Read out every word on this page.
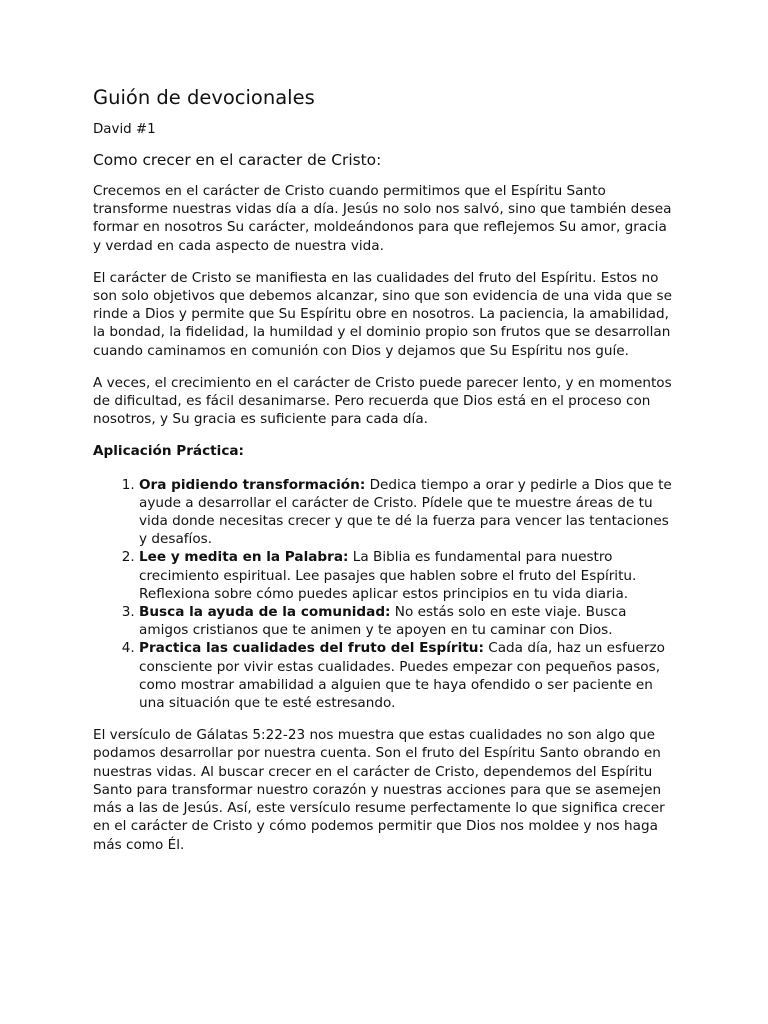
Guión de devocionales
David #1
Como crecer en el caracter de Cristo:

Crecemos en el carácter de Cristo cuando permitimos que el Espíritu Santo transforme nuestras vidas día a día. Jesús no solo nos salvó, sino que también desea formar en nosotros Su carácter, moldeándonos para que reflejemos Su amor, gracia y verdad en cada aspecto de nuestra vida.

El carácter de Cristo se manifiesta en las cualidades del fruto del Espíritu. Estos no son solo objetivos que debemos alcanzar, sino que son evidencia de una vida que se rinde a Dios y permite que Su Espíritu obre en nosotros. La paciencia, la amabilidad, la bondad, la fidelidad, la humildad y el dominio propio son frutos que se desarrollan cuando caminamos en comunión con Dios y dejamos que Su Espíritu nos guíe.

A veces, el crecimiento en el carácter de Cristo puede parecer lento, y en momentos de dificultad, es fácil desanimarse. Pero recuerda que Dios está en el proceso con nosotros, y Su gracia es suficiente para cada día.

Aplicación Práctica:

1. Ora pidiendo transformación: Dedica tiempo a orar y pedirle a Dios que te ayude a desarrollar el carácter de Cristo. Pídele que te muestre áreas de tu vida donde necesitas crecer y que te dé la fuerza para vencer las tentaciones y desafíos.
2. Lee y medita en la Palabra: La Biblia es fundamental para nuestro crecimiento espiritual. Lee pasajes que hablen sobre el fruto del Espíritu. Reflexiona sobre cómo puedes aplicar estos principios en tu vida diaria.
3. Busca la ayuda de la comunidad: No estás solo en este viaje. Busca amigos cristianos que te animen y te apoyen en tu caminar con Dios.
4. Practica las cualidades del fruto del Espíritu: Cada día, haz un esfuerzo consciente por vivir estas cualidades. Puedes empezar con pequeños pasos, como mostrar amabilidad a alguien que te haya ofendido o ser paciente en una situación que te esté estresando.

El versículo de Gálatas 5:22-23 nos muestra que estas cualidades no son algo que podamos desarrollar por nuestra cuenta. Son el fruto del Espíritu Santo obrando en nuestras vidas. Al buscar crecer en el carácter de Cristo, dependemos del Espíritu Santo para transformar nuestro corazón y nuestras acciones para que se asemejen más a las de Jesús. Así, este versículo resume perfectamente lo que significa crecer en el carácter de Cristo y cómo podemos permitir que Dios nos moldee y nos haga más como Él.
